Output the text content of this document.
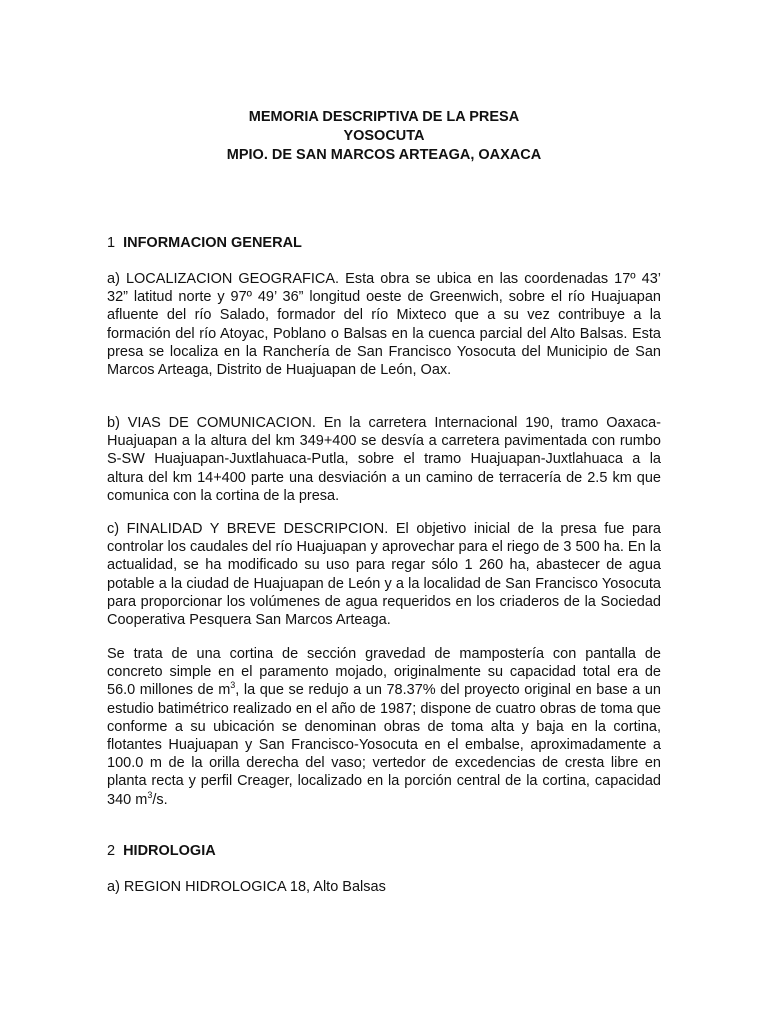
MEMORIA DESCRIPTIVA DE LA PRESA
YOSOCUTA
MPIO. DE SAN MARCOS ARTEAGA, OAXACA
1 INFORMACION GENERAL

a) LOCALIZACION GEOGRAFICA. Esta obra se ubica en las coordenadas 17º 43’ 32” latitud norte y 97º 49’ 36” longitud oeste de Greenwich, sobre el río Huajuapan afluente del río Salado, formador del río Mixteco que a su vez contribuye a la formación del río Atoyac, Poblano o Balsas en la cuenca parcial del Alto Balsas. Esta presa se localiza en la Ranchería de San Francisco Yosocuta del Municipio de San Marcos Arteaga, Distrito de Huajuapan de León, Oax.

b) VIAS DE COMUNICACION. En la carretera Internacional 190, tramo Oaxaca-Huajuapan a la altura del km 349+400 se desvía a carretera pavimentada con rumbo S-SW Huajuapan-Juxtlahuaca-Putla, sobre el tramo Huajuapan-Juxtlahuaca a la altura del km 14+400 parte una desviación a un camino de terracería de 2.5 km que comunica con la cortina de la presa.

c) FINALIDAD Y BREVE DESCRIPCION. El objetivo inicial de la presa fue para controlar los caudales del río Huajuapan y aprovechar para el riego de 3 500 ha. En la actualidad, se ha modificado su uso para regar sólo 1 260 ha, abastecer de agua potable a la ciudad de Huajuapan de León y a la localidad de San Francisco Yosocuta para proporcionar los volúmenes de agua requeridos en los criaderos de la Sociedad Cooperativa Pesquera San Marcos Arteaga.

Se trata de una cortina de sección gravedad de mampostería con pantalla de concreto simple en el paramento mojado, originalmente su capacidad total era de 56.0 millones de $m^3$, la que se redujo a un 78.37% del proyecto original en base a un estudio batimétrico realizado en el año de 1987; dispone de cuatro obras de toma que conforme a su ubicación se denominan obras de toma alta y baja en la cortina, flotantes Huajuapan y San Francisco-Yosocuta en el embalse, aproximadamente a 100.0 m de la orilla derecha del vaso; vertedor de excedencias de cresta libre en planta recta y perfil Creager, localizado en la porción central de la cortina, capacidad 340 $m^3/s$.

2 HIDROLOGIA

a) REGION HIDROLOGICA 18, Alto Balsas
